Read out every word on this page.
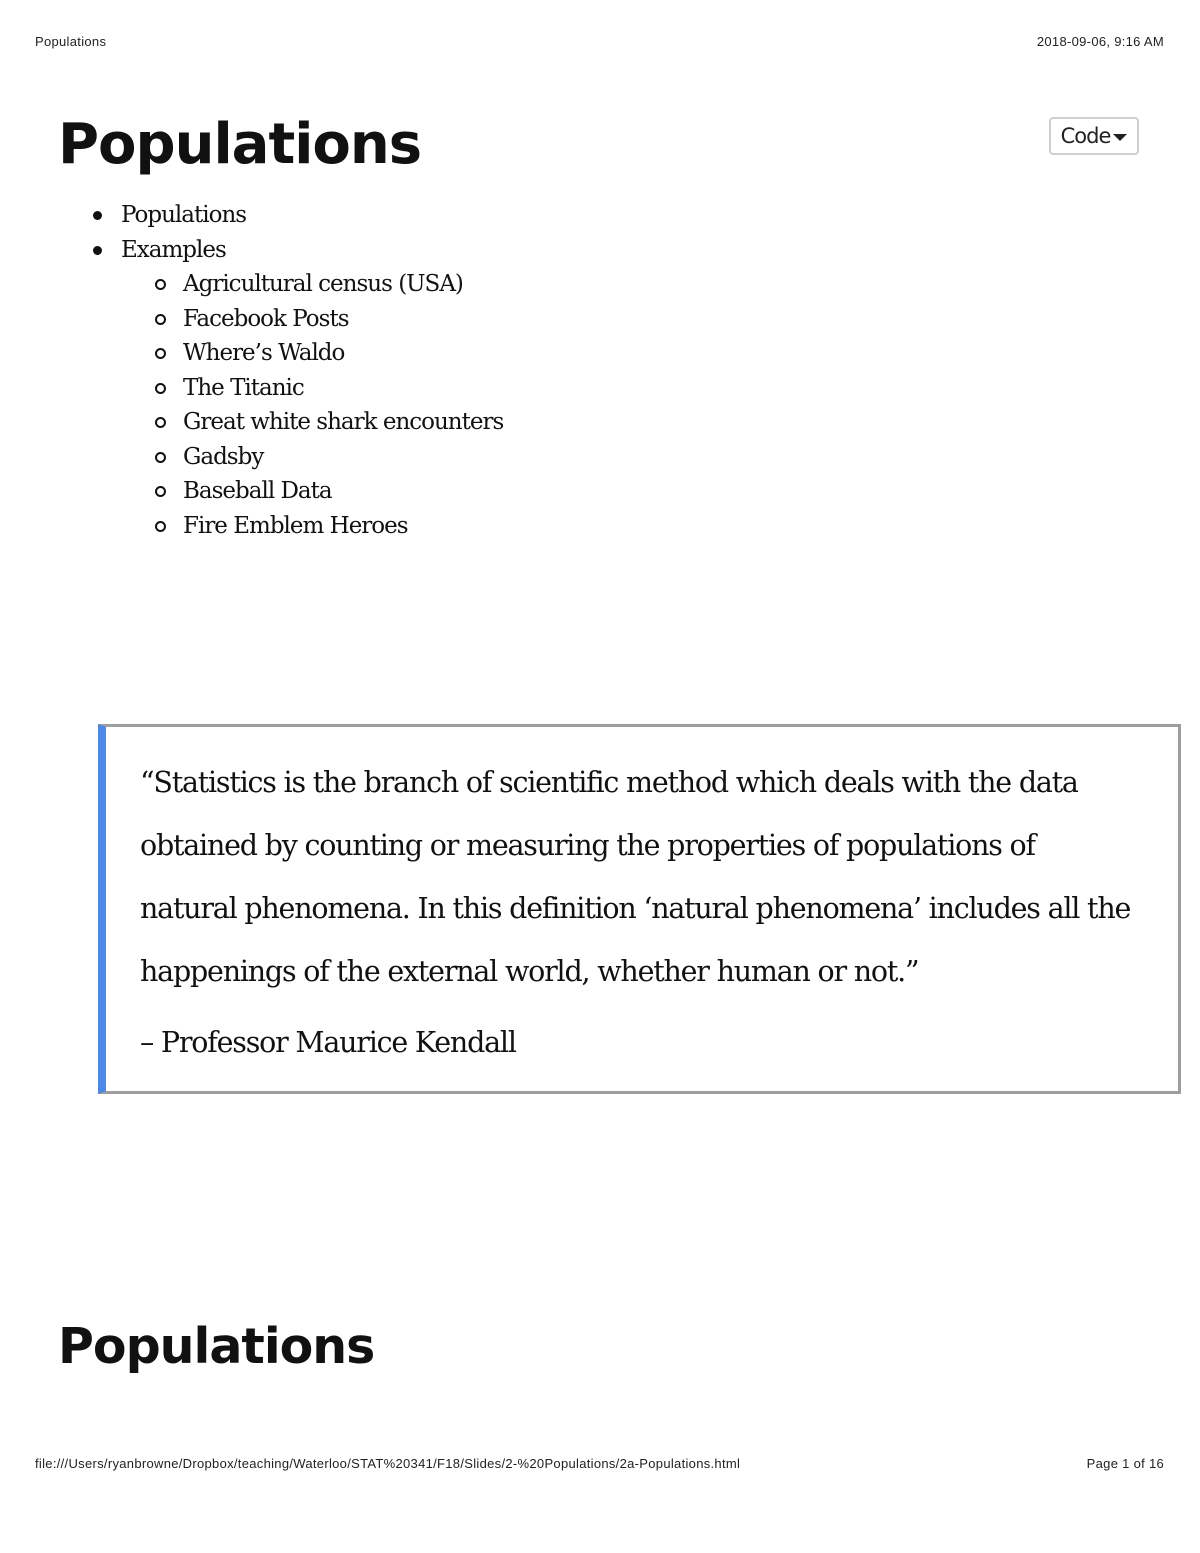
Populations	2018-09-06, 9:16 AM
Populations	Code
Populations
Examples
Agricultural census (USA)
Facebook Posts
Where’s Waldo
The Titanic
Great white shark encounters
Gadsby
Baseball Data
Fire Emblem Heroes

“Statistics is the branch of scientific method which deals with the data obtained by counting or measuring the properties of populations of natural phenomena. In this definition ‘natural phenomena’ includes all the happenings of the external world, whether human or not.”

– Professor Maurice Kendall

Populations
file:///Users/ryanbrowne/Dropbox/teaching/Waterloo/STAT%20341/F18/Slides/2-%20Populations/2a-Populations.html	Page 1 of 16
